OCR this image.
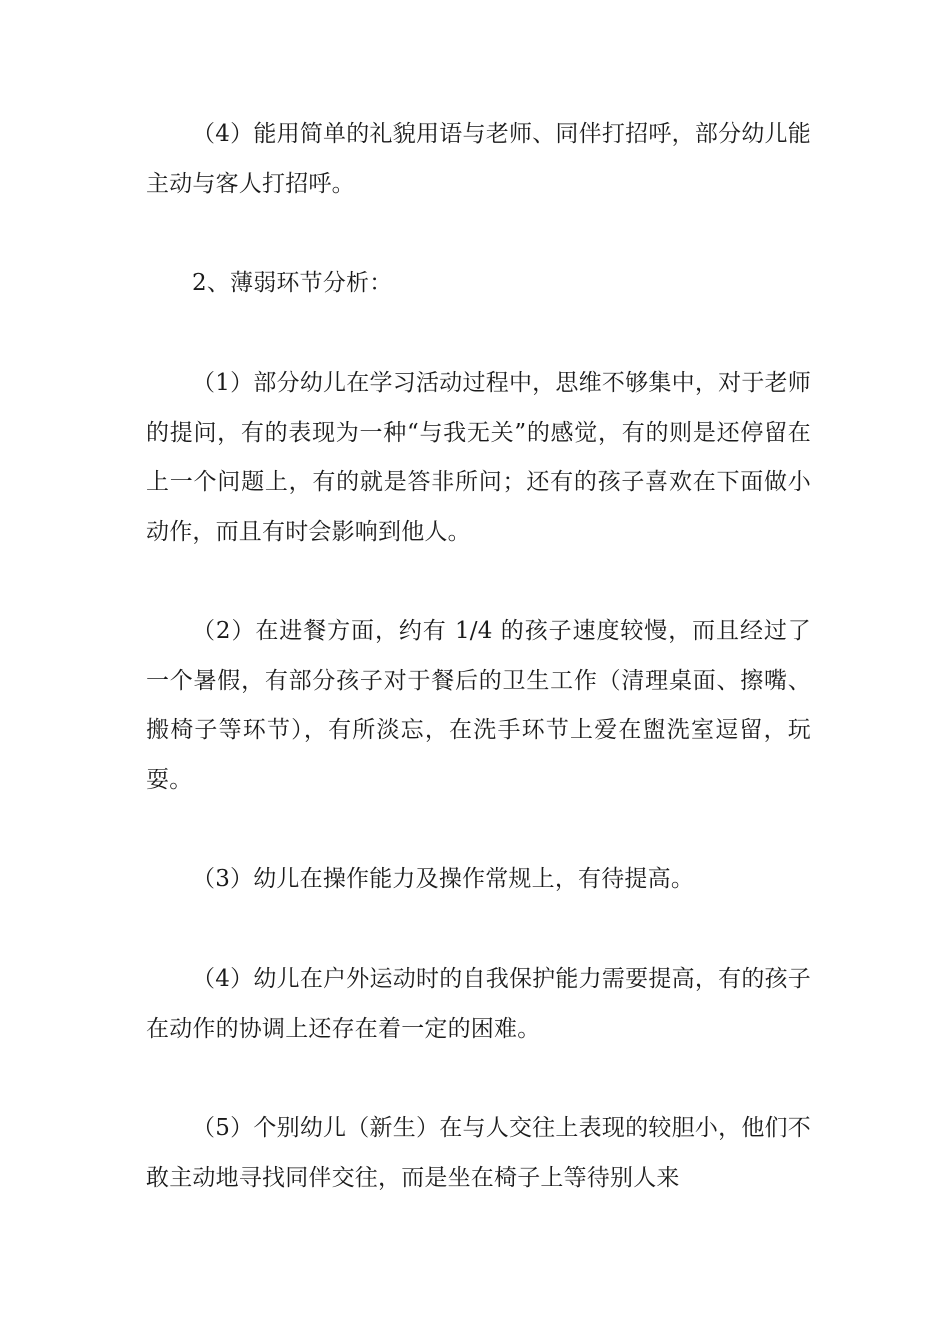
（4）能用简单的礼貌用语与老师、同伴打招呼，部分幼儿能主动与客人打招呼。

2、薄弱环节分析：

（1）部分幼儿在学习活动过程中，思维不够集中，对于老师的提问，有的表现为一种“与我无关”的感觉，有的则是还停留在上一个问题上，有的就是答非所问；还有的孩子喜欢在下面做小动作，而且有时会影响到他人。

（2）在进餐方面，约有 1/4 的孩子速度较慢，而且经过了一个暑假，有部分孩子对于餐后的卫生工作（清理桌面、擦嘴、搬椅子等环节），有所淡忘，在洗手环节上爱在盥洗室逗留，玩耍。

（3）幼儿在操作能力及操作常规上，有待提高。

（4）幼儿在户外运动时的自我保护能力需要提高，有的孩子在动作的协调上还存在着一定的困难。

（5）个别幼儿（新生）在与人交往上表现的较胆小，他们不敢主动地寻找同伴交往，而是坐在椅子上等待别人来
